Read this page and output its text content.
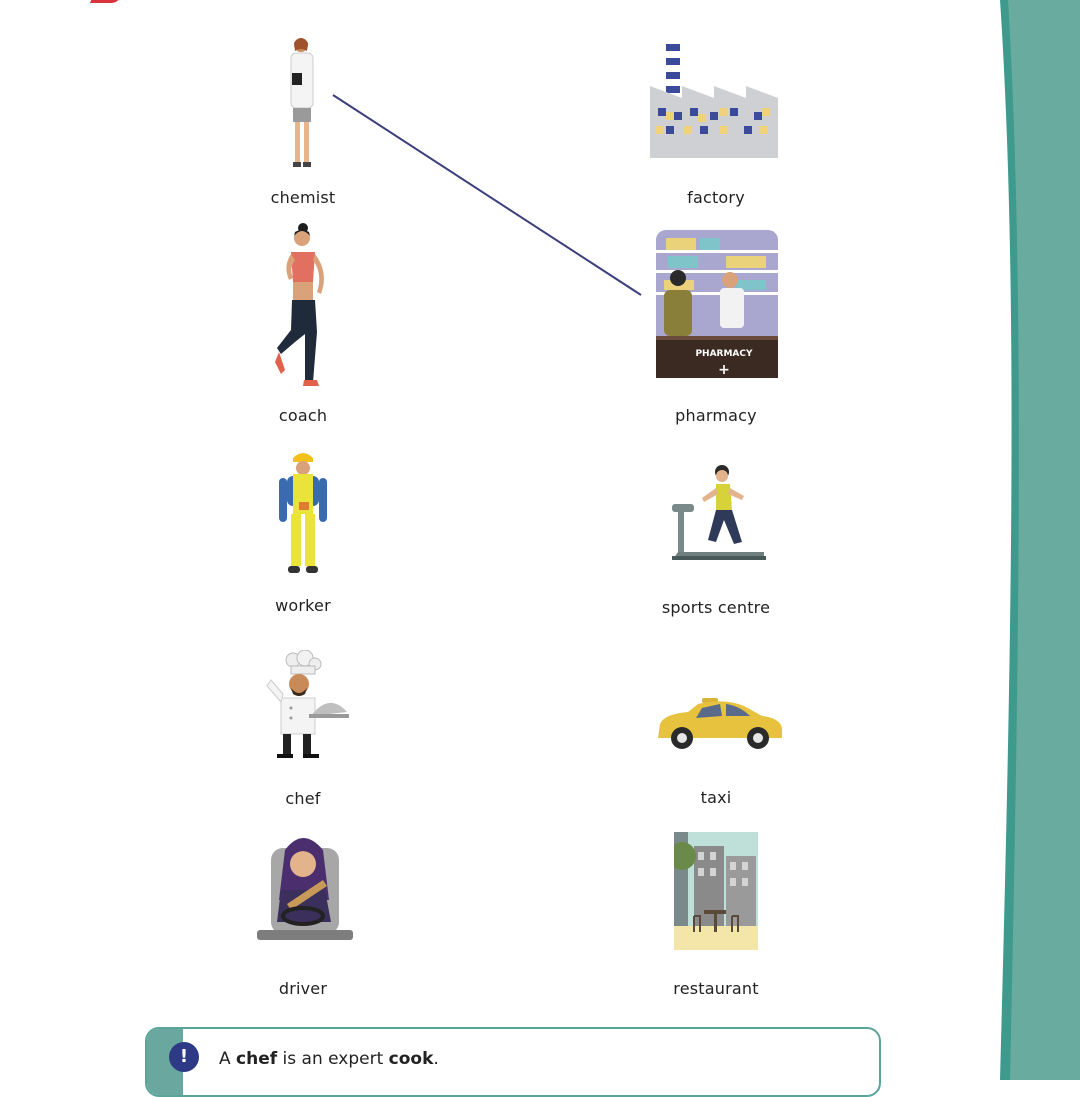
chemist
coach
worker
chef
driver
factory
PHARMACY
+
pharmacy
sports centre
taxi
restaurant
!	A chef is an expert cook.
